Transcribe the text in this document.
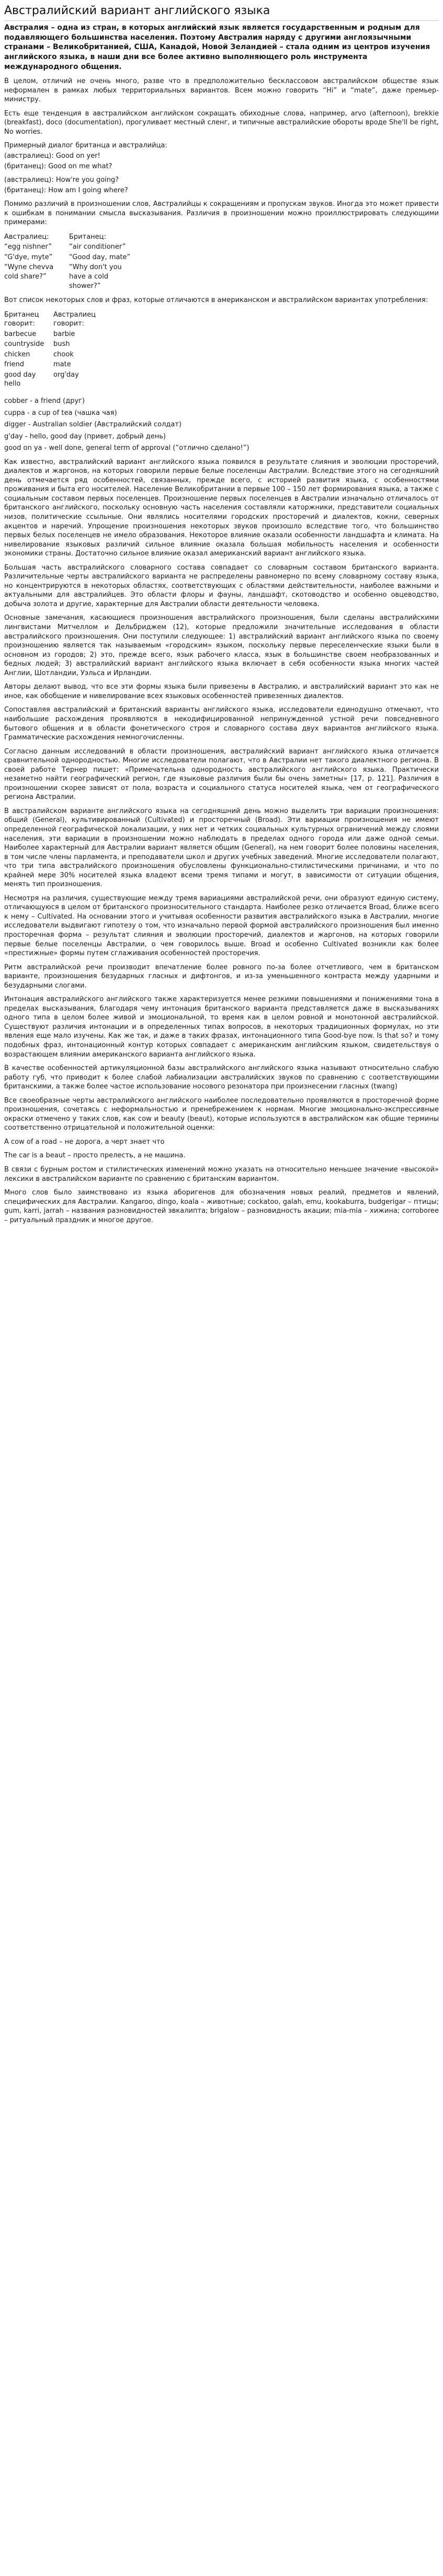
Австралийский вариант английского языка

Австралия – одна из стран, в которых английский язык является государственным и родным для подавляющего большинства населения. Поэтому Австралия наряду с другими англоязычными странами – Великобританией, США, Канадой, Новой Зеландией – стала одним из центров изучения английского языка, в наши дни все более активно выполняющего роль инструмента международного общения.

В целом, отличий не очень много, разве что в предположительно бесклассовом австралийском обществе язык неформален в рамках любых территориальных вариантов. Всем можно говорить “Hi” и “mate”, даже премьер-министру.

Есть еще тенденция в австралийском английском сокращать обиходные слова, например, arvo (afternoon), brekkie (breakfast), doco (documentation), прогуливает местный сленг, и типичные австралийские обороты вроде She'll be right, No worries.

Примерный диалог британца и австралийца:

(австралиец): Good on yer!
(британец): Good on me what?
(австралиец): How're you going?
(британец): How am I going where?

Помимо различий в произношении слов, Австралийцы к сокращениям и пропускам звуков. Иногда это может привести к ошибкам в понимании смысла высказывания. Различия в произношении можно проиллюстрировать следующими примерами:

Австралиец:	Британец:
“egg nishner”	“air conditioner”
“G'dye, myte”	“Good day, mate”
“Wyne chevva cold share?”	“Why don't you have a cold shower?”

Вот список некоторых слов и фраз, которые отличаются в американском и австралийском вариантах употребления:

Британец говорит:	Австралиец говорит:
barbecue	barbie
countryside	bush
chicken	chook
friend	mate
good day hello	org'day
cobber - a friend (друг)
cuppa - a cup of tea (чашка чая)
digger - Australian soldier (Австралийский солдат)
g'day - hello, good day (привет, добрый день)
good on ya - well done, general term of approval (“отлично сделано!”)

Как известно, австралийский вариант английского языка появился в результате слияния и эволюции просторечий, диалектов и жаргонов, на которых говорили первые белые поселенцы Австралии. Вследствие этого на сегодняшний день отмечается ряд особенностей, связанных, прежде всего, с историей развития языка, с особенностями проживания и быта его носителей. Население Великобритании в первые 100 – 150 лет формирования языка, а также с социальным составом первых поселенцев. Произношение первых поселенцев в Австралии изначально отличалось от британского английского, поскольку основную часть населения составляли каторжники, представители социальных низов, политические ссыльные. Они являлись носителями городских просторечий и диалектов, кокни, северных акцентов и наречий. Упрощение произношения некоторых звуков произошло вследствие того, что большинство первых белых поселенцев не имело образования. Некоторое влияние оказали особенности ландшафта и климата. На нивелирование языковых различий сильное влияние оказала большая мобильность населения и особенности экономики страны. Достаточно сильное влияние оказал американский вариант английского языка.

Большая часть австралийского словарного состава совпадает со словарным составом британского варианта. Различительные черты австралийского варианта не распределены равномерно по всему словарному составу языка, но концентрируются в некоторых областях, соответствующих с областями действительности, наиболее важными и актуальными для австралийцев. Это области флоры и фауны, ландшафт, скотоводство и особенно овцеводство, добыча золота и другие, характерные для Австралии области деятельности человека.

Основные замечания, касающиеся произношения австралийского произношения, были сделаны австралийскими лингвистами Митчеллом и Дельбриджем (12), которые предложили значительные исследования в области австралийского произношения. Они поступили следующее: 1) австралийский вариант английского языка по своему произношению является так называемым «городским» языком, поскольку первые переселенческие языки были в основном из городов; 2) это, прежде всего, язык рабочего класса, язык в большинстве своем необразованных и бедных людей; 3) австралийский вариант английского языка включает в себя особенности языка многих частей Англии, Шотландии, Уэльса и Ирландии.

Авторы делают вывод, что все эти формы языка были привезены в Австралию, и австралийский вариант это как не иное, как обобщение и нивелирование всех языковых особенностей привезенных диалектов.

Сопоставляя австралийский и британский варианты английского языка, исследователи единодушно отмечают, что наибольшие расхождения проявляются в некодифицированной непринужденной устной речи повседневного бытового общения и в области фонетического строя и словарного состава двух вариантов английского языка. Грамматические расхождения немногочисленны.

Согласно данным исследований в области произношения, австралийский вариант английского языка отличается сравнительной однородностью. Многие исследователи полагают, что в Австралии нет такого диалектного региона. В своей работе Тернер пишет: «Примечательна однородность австралийского английского языка. Практически незаметно найти географический регион, где языковые различия были бы очень заметны» [17, р. 121]. Различия в произношении скорее зависят от пола, возраста и социального статуса носителей языка, чем от географического региона Австралии.

В австралийском варианте английского языка на сегодняшний день можно выделить три вариации произношения: общий (General), культивированный (Cultivated) и просторечный (Broad). Эти вариации произношения не имеют определенной географической локализации, у них нет и четких социальных культурных ограничений между слоями населения, эти вариации в произношении можно наблюдать в пределах одного города или даже одной семьи. Наиболее характерный для Австралии вариант является общим (General), на нем говорит более половины населения, в том числе члены парламента, и преподаватели школ и других учебных заведений. Многие исследователи полагают, что три типа австралийского произношения обусловлены функционально-стилистическими причинами, и что по крайней мере 30% носителей языка владеют всеми тремя типами и могут, в зависимости от ситуации общения, менять тип произношения.

Несмотря на различия, существующие между тремя вариациями австралийской речи, они образуют единую систему, отличающуюся в целом от британского произносительного стандарта. Наиболее резко отличается Broad, ближе всего к нему – Cultivated. На основании этого и учитывая особенности развития австралийского языка в Австралии, многие исследователи выдвигают гипотезу о том, что изначально первой формой австралийского произношения был именно просторечная форма – результат слияния и эволюции просторечий, диалектов и жаргонов, на которых говорили первые белые поселенцы Австралии, о чем говорилось выше. Broad и особенно Cultivated возникли как более «престижные» формы путем сглаживания особенностей просторечия.

Ритм австралийской речи производит впечатление более ровного по-за более отчетливого, чем в британском варианте, произношения безударных гласных и дифтонгов, и из-за уменьшенного контраста между ударными и безударными слогами.

Интонация австралийского английского также характеризуется менее резкими повышениями и понижениями тона в пределах высказывания, благодаря чему интонация британского варианта представляется даже в высказываниях одного типа в целом более живой и эмоциональной, то время как в целом ровной и монотонной австралийской. Существуют различия интонации и в определенных типах вопросов, в некоторых традиционных формулах, но эти явления еще мало изучены. Как же так, и даже в таких фразах, интонационного типа Good-bye now. Is that so? и тому подобных фраз, интонационный контур которых совпадает с американским английским языком, свидетельствуя о возрастающем влиянии американского варианта английского языка.

В качестве особенностей артикуляционной базы австралийского английского языка называют относительно слабую работу губ, что приводит к более слабой лабиализации австралийских звуков по сравнению с соответствующими британскими, а также более частое использование носового резонатора при произнесении гласных (twang)

Все своеобразные черты австралийского английского наиболее последовательно проявляются в просторечной форме произношения, сочетаясь с неформальностью и пренебрежением к нормам. Многие эмоционально-экспрессивные окраски отмечено у таких слов, как cow и beauty (beaut), которые используются в австралийском как общие термины соответственно отрицательной и положительной оценки:

A cow of a road – не дорога, а черт знает что

The car is a beaut – просто прелесть, а не машина.

В связи с бурным ростом и стилистических изменений можно указать на относительно меньшее значение «высокой» лексики в австралийском варианте по сравнению с британским вариантом.

Много слов было заимствовано из языка аборигенов для обозначения новых реалий, предметов и явлений, специфических для Австралии. Kangaroo, dingo, koala – животные; cockatoo, galah, emu, kookaburra, budgerigar – птицы; gum, karri, jarrah – названия разновидностей эвкалипта; brigalow – разновидность акации; mia-mia – хижина; corroboree – ритуальный праздник и многое другое.
